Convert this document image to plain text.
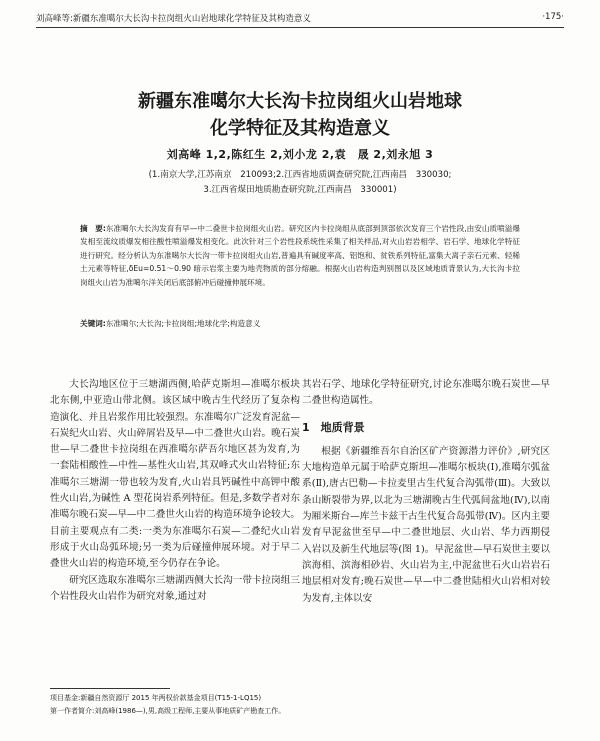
刘高峰等:新疆东准噶尔大长沟卡拉岗组火山岩地球化学特征及其构造意义	·175·
新疆东准噶尔大长沟卡拉岗组火山岩地球
化学特征及其构造意义
刘高峰 1,2,陈红生 2,刘小龙 2,袁　晟 2,刘永旭 3
(1.南京大学,江苏南京　210093;2.江西省地质调查研究院,江西南昌　330030;
3.江西省煤田地质勘查研究院,江西南昌　330001)
摘　要:东准噶尔大长沟发育有早—中二叠世卡拉岗组火山岩。研究区内卡拉岗组从底部到顶部依次发育三个岩性段,由安山质喷溢爆发相至流纹质爆发相往酸性喷溢爆发相变化。此次针对三个岩性段系统性采集了相关样品,对火山岩岩相学、岩石学、地球化学特征进行研究。经分析认为东准噶尔大长沟一带卡拉岗组火山岩,普遍具有碱度率高、铝饱和、贫铁系列特征,富集大离子亲石元素、轻稀土元素等特征,δEu=0.51～0.90 暗示岩浆主要为地壳物质的部分熔融。根据火山岩构造判别图以及区域地质背景认为,大长沟卡拉岗组火山岩为准噶尔洋关闭后底部俯冲后碰撞伸展环境。
关键词:东准噶尔;大长沟;卡拉岗组;地球化学;构造意义

大长沟地区位于三塘湖西侧,哈萨克斯坦—准噶尔板块北东侧,中亚造山带北侧。该区域中晚古生代经历了复杂构造演化、并且岩浆作用比较强烈。东准噶尔广泛发育泥盆—石炭纪火山岩、火山碎屑岩及早—中二叠世火山岩。晚石炭世—早二叠世卡拉岗组在西准噶尔萨吾尔地区甚为发育,为一套陆相酸性—中性—基性火山岩,其双峰式火山岩特征;东准噶尔三塘湖一带也较为发育,火山岩具钙碱性中高钾中酸性火山岩,为碱性 A 型花岗岩系列特征。但是,多数学者对东准噶尔晚石炭—早—中二叠世火山岩的构造环境争论较大。目前主要观点有二类:一类为东准噶尔石炭—二叠纪火山岩形成于火山岛弧环境;另一类为后碰撞伸展环境。对于早二叠世火山岩的构造环境,至今仍存在争论。

研究区选取东准噶尔三塘湖西侧大长沟一带卡拉岗组三个岩性段火山岩作为研究对象,通过对

其岩石学、地球化学特征研究,讨论东准噶尔晚石炭世—早二叠世构造属性。

1　地质背景

根据《新疆维吾尔自治区矿产资源潜力评价》,研究区大地构造单元属于哈萨克斯坦—准噶尔板块(Ⅰ),准噶尔弧盆系(Ⅱ),唐古巴勒—卡拉麦里古生代复合沟弧带(Ⅲ)。大致以条山断裂带为界,以北为三塘湖晚古生代弧间盆地(Ⅳ),以南为厢米斯台—库兰卡兹干古生代复合岛弧带(Ⅳ)。区内主要发育早泥盆世至早—中二叠世地层、火山岩、华力西期侵入岩以及新生代地层等(图 1)。早泥盆世—早石炭世主要以滨海相、滨海相砂岩、火山岩为主,中泥盆世石火山岩岩石地层相对发育;晚石炭世—早—中二叠世陆相火山岩相对较为发育,主体以安

项目基金:新疆自然资源厅 2015 年两权价款基金项目(T15-1-LQ15)
第一作者简介:刘高峰(1986—),男,高级工程师,主要从事地质矿产勘查工作。
